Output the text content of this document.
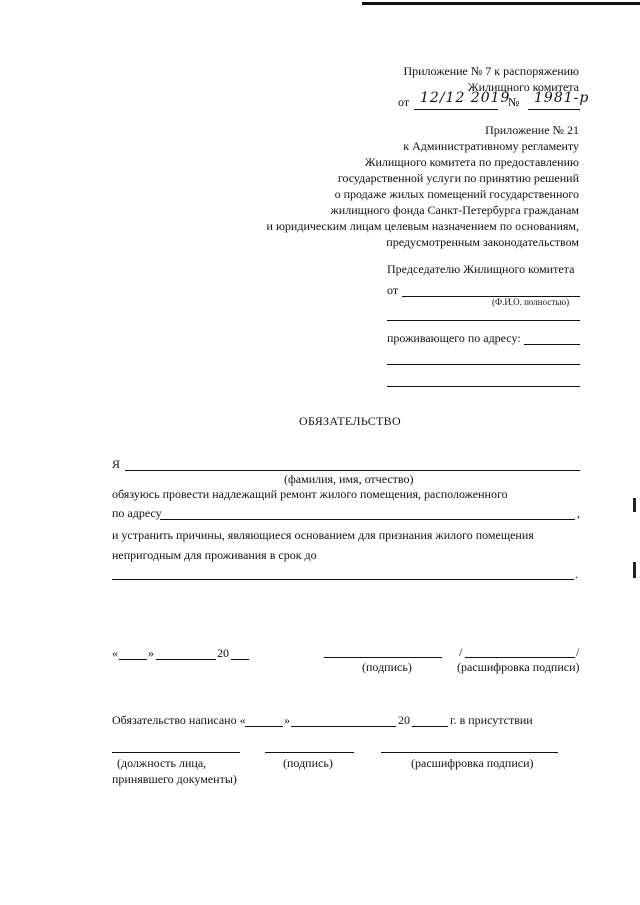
Приложение № 7 к распоряжению
Жилищного комитета
от 12/12 2019
№ 1981-р
Приложение № 21
к Административному регламенту
Жилищного комитета по предоставлению
государственной услуги по принятию решений
о продаже жилых помещений государственного
жилищного фонда Санкт-Петербурга гражданам
и юридическим лицам целевым назначением по основаниям,
предусмотренным законодательством
Председателю Жилищного комитета
от
(Ф.И.О. полностью)
проживающего по адресу:
ОБЯЗАТЕЛЬСТВО
Я
(фамилия, имя, отчество)
обязуюсь провести надлежащий ремонт жилого помещения, расположенного
по адресу	,
и устранить причины, являющиеся основанием для признания жилого помещения
непригодным для проживания в срок до
.
«	»	20	/	/
(подпись)	(расшифровка подписи)
Обязательство написано «	»	20	г. в присутствии
(должность лица,
принявшего документы)
(подпись)	(расшифровка подписи)
